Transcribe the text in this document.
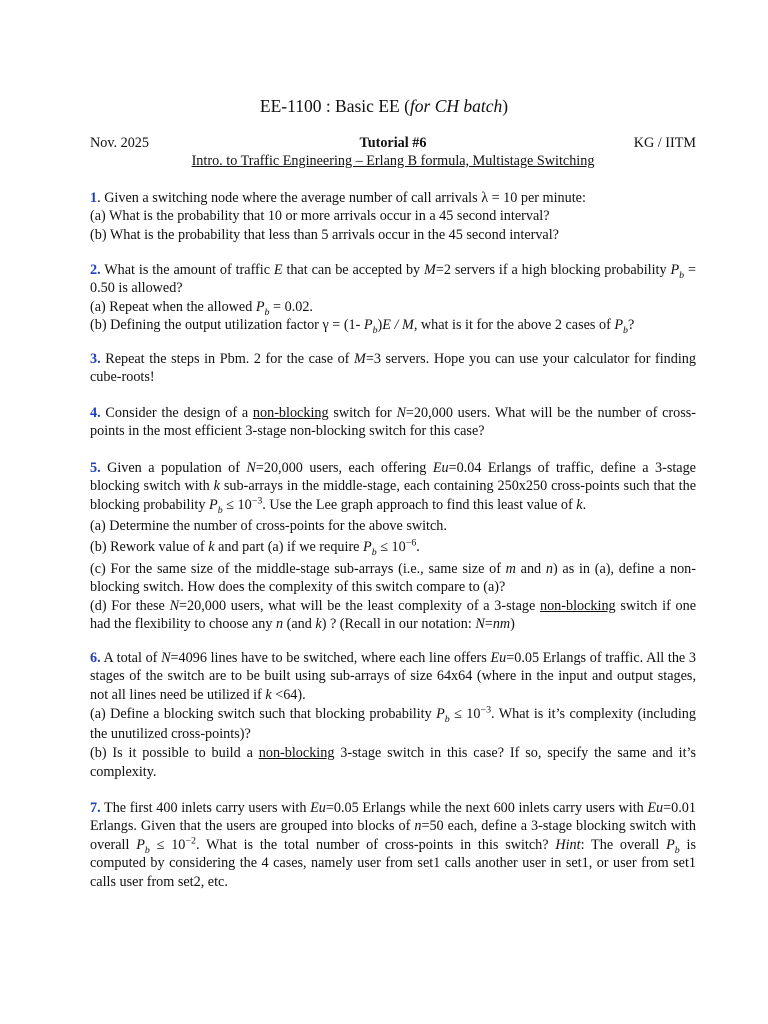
EE-1100 : Basic EE (for CH batch)
Nov. 2025	Tutorial #6	KG / IITM
Intro. to Traffic Engineering – Erlang B formula, Multistage Switching

1. Given a switching node where the average number of call arrivals λ = 10 per minute:

(a) What is the probability that 10 or more arrivals occur in a 45 second interval?

(b) What is the probability that less than 5 arrivals occur in the 45 second interval?

2. What is the amount of traffic E that can be accepted by M=2 servers if a high blocking probability $P_b = 0.50$ is allowed?

(a) Repeat when the allowed $P_b = 0.02$.

(b) Defining the output utilization factor γ = (1- $P_b)E$ / M, what is it for the above 2 cases of $P_b$?

3. Repeat the steps in Pbm. 2 for the case of M=3 servers. Hope you can use your calculator for finding cube-roots!

4. Consider the design of a non-blocking switch for N=20,000 users. What will be the number of cross-points in the most efficient 3-stage non-blocking switch for this case?

5. Given a population of N=20,000 users, each offering Eu=0.04 Erlangs of traffic, define a 3-stage blocking switch with k sub-arrays in the middle-stage, each containing 250x250 cross-points such that the blocking probability $P_b \le 10^{-3}$. Use the Lee graph approach to find this least value of k.

(a) Determine the number of cross-points for the above switch.

(b) Rework value of k and part (a) if we require $P_b \le 10^{-6}$.

(c) For the same size of the middle-stage sub-arrays (i.e., same size of m and n) as in (a), define a non-blocking switch. How does the complexity of this switch compare to (a)?

(d) For these N=20,000 users, what will be the least complexity of a 3-stage non-blocking switch if one had the flexibility to choose any n (and k) ? (Recall in our notation: N=nm)

6. A total of N=4096 lines have to be switched, where each line offers Eu=0.05 Erlangs of traffic. All the 3 stages of the switch are to be built using sub-arrays of size 64x64 (where in the input and output stages, not all lines need be utilized if k <64).

(a) Define a blocking switch such that blocking probability $P_b \le 10^{-3}$. What is it’s complexity (including the unutilized cross-points)?

(b) Is it possible to build a non-blocking 3-stage switch in this case? If so, specify the same and it’s complexity.

7. The first 400 inlets carry users with Eu=0.05 Erlangs while the next 600 inlets carry users with Eu=0.01 Erlangs. Given that the users are grouped into blocks of n=50 each, define a 3-stage blocking switch with overall $P_b \le 10^{-2}$. What is the total number of cross-points in this switch? Hint: The overall $P_b$ is computed by considering the 4 cases, namely user from set1 calls another user in set1, or user from set1 calls user from set2, etc.
